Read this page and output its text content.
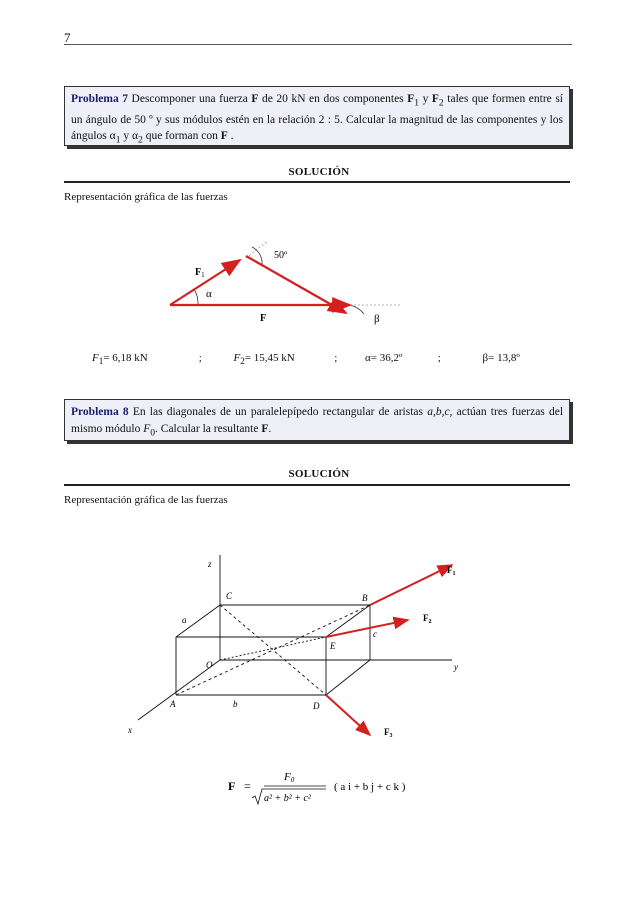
7
Problema 7 Descomponer una fuerza F de 20 kN en dos componentes $F_1$ y $F_2$ tales que formen entre sí un ángulo de 50 º y sus módulos estén en la relación 2 : 5. Calcular la magnitud de las componentes y los ángulos $\alpha_1$ y $\alpha_2$ que forman con F .
SOLUCIÓN
Representación gráfica de las fuerzas
50º
$F_1$
α
F	β
$F_1= 6,18$ kN	;	$F_2= 15,45$ kN	;	α= 36,2º	;	β= 13,8º
Problema 8 En las diagonales de un paralelepípedo rectangular de aristas a,b,c, actúan tres fuerzas del mismo módulo $F_0$. Calcular la resultante F.
SOLUCIÓN
Representación gráfica de las fuerzas
z
y
x
C	B
E
O
A	D
a
b
c
$F_1$
$F_2$
$F_3$
F =
F0
a² + b² + c²
( a i + b j + c k )
